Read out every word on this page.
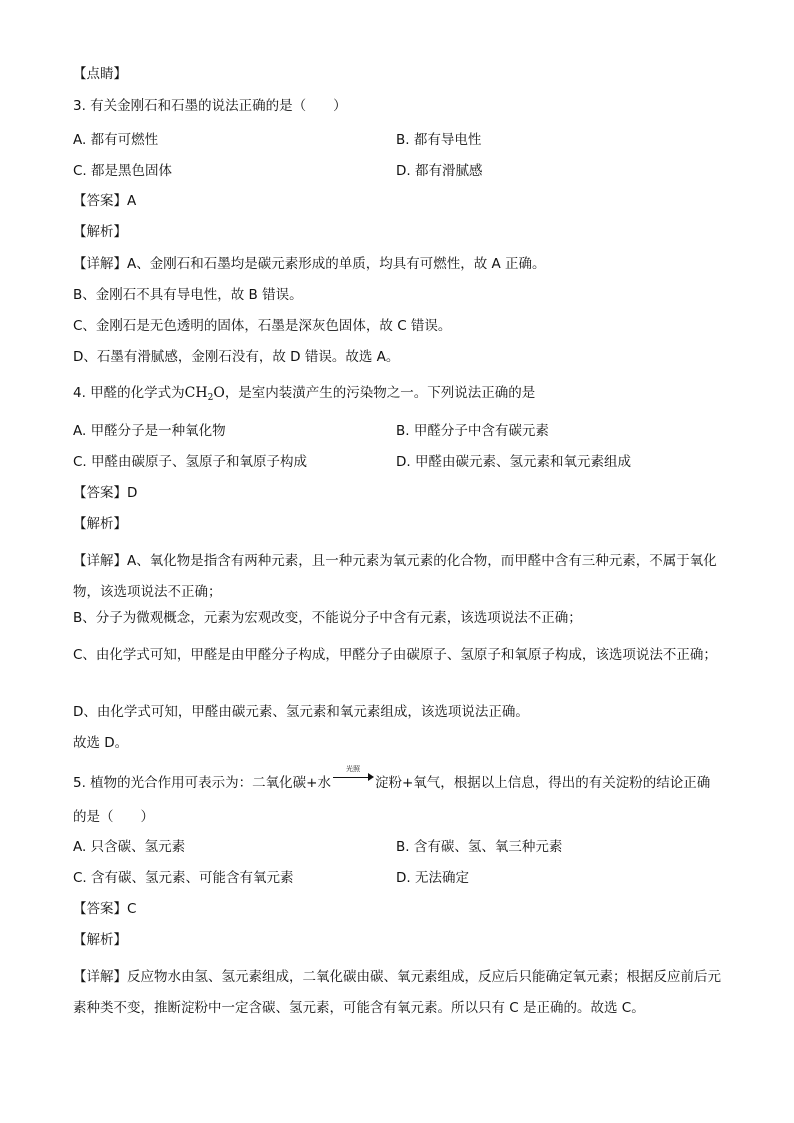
【点睛】
3. 有关金刚石和石墨的说法正确的是（　　）
A. 都有可燃性	B. 都有导电性
C. 都是黑色固体	D. 都有滑腻感
【答案】A
【解析】
【详解】A、金刚石和石墨均是碳元素形成的单质，均具有可燃性，故 A 正确。
B、金刚石不具有导电性，故 B 错误。
C、金刚石是无色透明的固体，石墨是深灰色固体，故 C 错误。
D、石墨有滑腻感，金刚石没有，故 D 错误。故选 A。
4. 甲醛的化学式为$CH_2O$，是室内装潢产生的污染物之一。下列说法正确的是
A. 甲醛分子是一种氧化物	B. 甲醛分子中含有碳元素
C. 甲醛由碳原子、氢原子和氧原子构成	D. 甲醛由碳元素、氢元素和氧元素组成
【答案】D
【解析】
【详解】A、氧化物是指含有两种元素，且一种元素为氧元素的化合物，而甲醛中含有三种元素，不属于氧化物，该选项说法不正确；
B、分子为微观概念，元素为宏观改变，不能说分子中含有元素，该选项说法不正确；
C、由化学式可知，甲醛是由甲醛分子构成，甲醛分子由碳原子、氢原子和氧原子构成，该选项说法不正确；
D、由化学式可知，甲醛由碳元素、氢元素和氧元素组成，该选项说法正确。
故选 D。
5. 植物的光合作用可表示为：二氧化碳+水
光照
淀粉+氧气，根据以上信息，得出的有关淀粉的结论正确的是（　　）
A. 只含碳、氢元素	B. 含有碳、氢、氧三种元素
C. 含有碳、氢元素、可能含有氧元素	D. 无法确定
【答案】C
【解析】
【详解】反应物水由氢、氢元素组成，二氧化碳由碳、氧元素组成，反应后只能确定氧元素；根据反应前后元素种类不变，推断淀粉中一定含碳、氢元素，可能含有氧元素。所以只有 C 是正确的。故选 C。
